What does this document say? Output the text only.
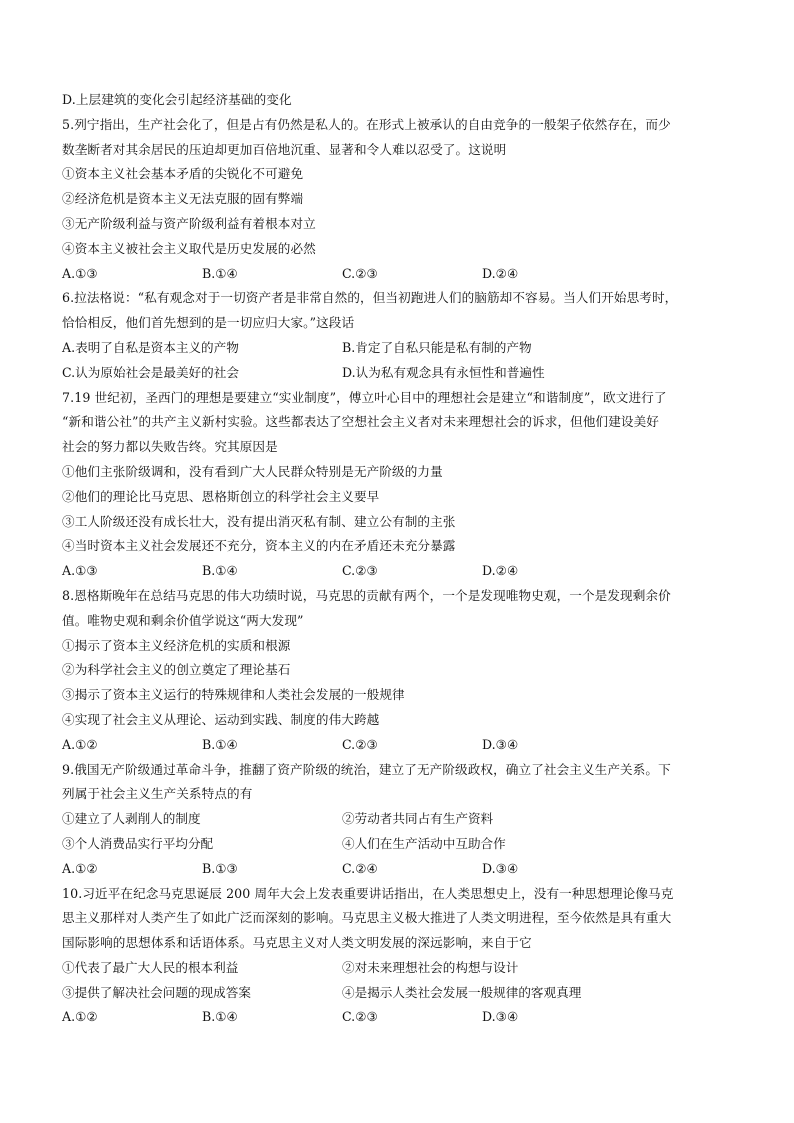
D.上层建筑的变化会引起经济基础的变化
5.列宁指出，生产社会化了，但是占有仍然是私人的。在形式上被承认的自由竞争的一般架子依然存在，而少
数垄断者对其余居民的压迫却更加百倍地沉重、显著和令人难以忍受了。这说明
①资本主义社会基本矛盾的尖锐化不可避免
②经济危机是资本主义无法克服的固有弊端
③无产阶级利益与资产阶级利益有着根本对立
④资本主义被社会主义取代是历史发展的必然
A.①③	B.①④	C.②③	D.②④
6.拉法格说：“私有观念对于一切资产者是非常自然的，但当初跑进人们的脑筋却不容易。当人们开始思考时，
恰恰相反，他们首先想到的是一切应归大家。”这段话
A.表明了自私是资本主义的产物	B.肯定了自私只能是私有制的产物
C.认为原始社会是最美好的社会	D.认为私有观念具有永恒性和普遍性
7.19 世纪初，圣西门的理想是要建立“实业制度”，傅立叶心目中的理想社会是建立“和谐制度”，欧文进行了
“新和谐公社”的共产主义新村实验。这些都表达了空想社会主义者对未来理想社会的诉求，但他们建设美好
社会的努力都以失败告终。究其原因是
①他们主张阶级调和，没有看到广大人民群众特别是无产阶级的力量
②他们的理论比马克思、恩格斯创立的科学社会主义要早
③工人阶级还没有成长壮大，没有提出消灭私有制、建立公有制的主张
④当时资本主义社会发展还不充分，资本主义的内在矛盾还未充分暴露
A.①③	B.①④	C.②③	D.②④
8.恩格斯晚年在总结马克思的伟大功绩时说，马克思的贡献有两个，一个是发现唯物史观，一个是发现剩余价
值。唯物史观和剩余价值学说这“两大发现”
①揭示了资本主义经济危机的实质和根源
②为科学社会主义的创立奠定了理论基石
③揭示了资本主义运行的特殊规律和人类社会发展的一般规律
④实现了社会主义从理论、运动到实践、制度的伟大跨越
A.①②	B.①④	C.②③	D.③④
9.俄国无产阶级通过革命斗争，推翻了资产阶级的统治，建立了无产阶级政权，确立了社会主义生产关系。下
列属于社会主义生产关系特点的有
①建立了人剥削人的制度	②劳动者共同占有生产资料
③个人消费品实行平均分配	④人们在生产活动中互助合作
A.①②	B.①③	C.②④	D.③④
10.习近平在纪念马克思诞辰 200 周年大会上发表重要讲话指出，在人类思想史上，没有一种思想理论像马克
思主义那样对人类产生了如此广泛而深刻的影响。马克思主义极大推进了人类文明进程，至今依然是具有重大
国际影响的思想体系和话语体系。马克思主义对人类文明发展的深远影响，来自于它
①代表了最广大人民的根本利益	②对未来理想社会的构想与设计
③提供了解决社会问题的现成答案	④是揭示人类社会发展一般规律的客观真理
A.①②	B.①④	C.②③	D.③④
